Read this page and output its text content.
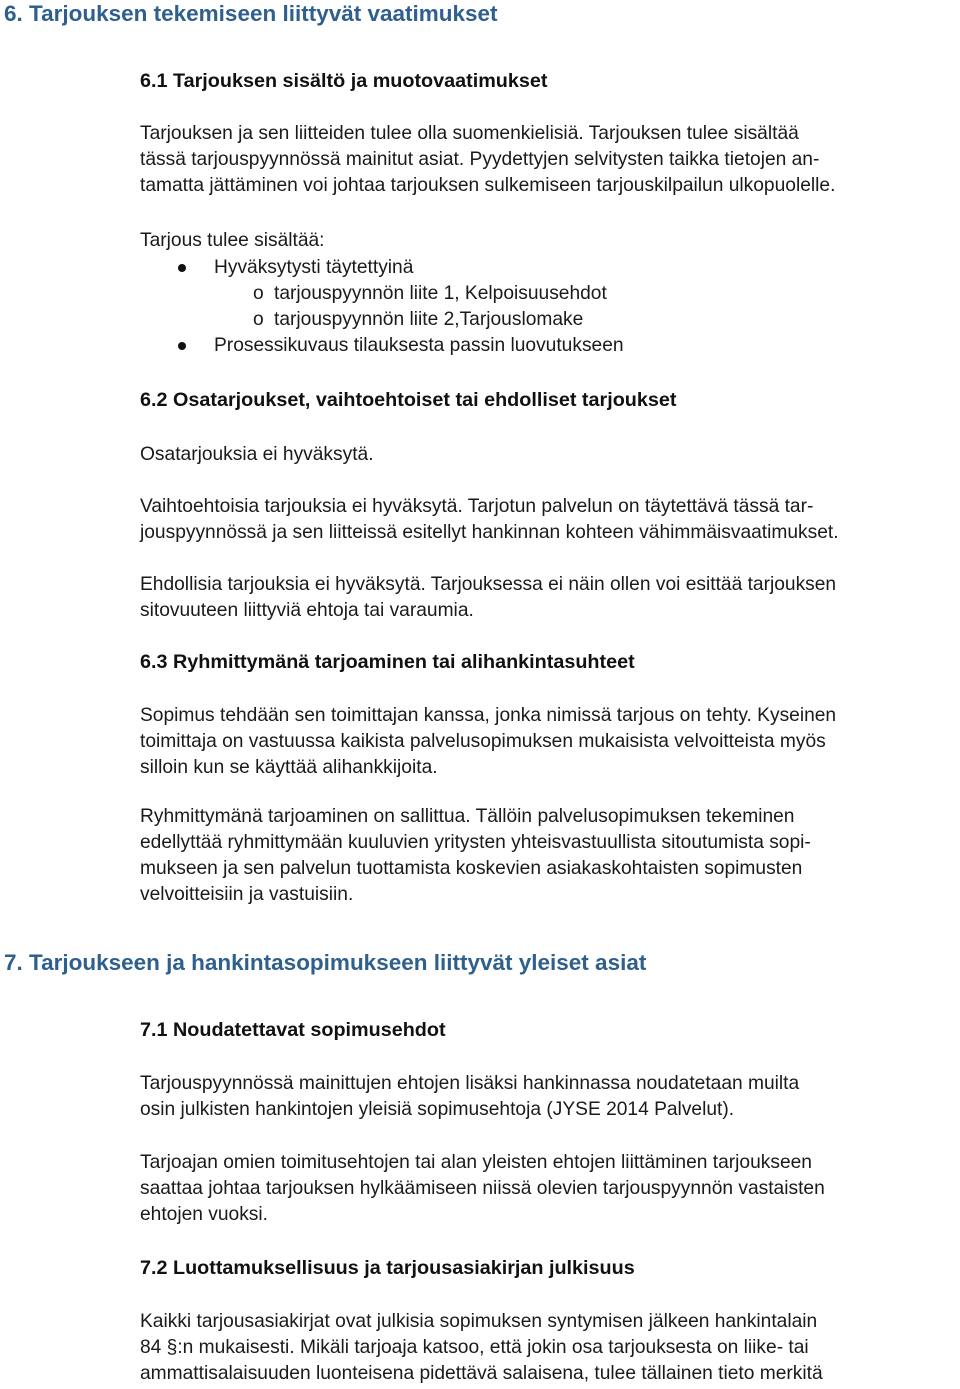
6. Tarjouksen tekemiseen liittyvät vaatimukset
6.1 Tarjouksen sisältö ja muotovaatimukset
Tarjouksen ja sen liitteiden tulee olla suomenkielisiä. Tarjouksen tulee sisältää
tässä tarjouspyynnössä mainitut asiat. Pyydettyjen selvitysten taikka tietojen an-
tamatta jättäminen voi johtaa tarjouksen sulkemiseen tarjouskilpailun ulkopuolelle.
Tarjous tulee sisältää:
Hyväksytysti täytettyinä
o tarjouspyynnön liite 1, Kelpoisuusehdot
o tarjouspyynnön liite 2,Tarjouslomake
Prosessikuvaus tilauksesta passin luovutukseen
6.2 Osatarjoukset, vaihtoehtoiset tai ehdolliset tarjoukset
Osatarjouksia ei hyväksytä.
Vaihtoehtoisia tarjouksia ei hyväksytä. Tarjotun palvelun on täytettävä tässä tar-
jouspyynnössä ja sen liitteissä esitellyt hankinnan kohteen vähimmäisvaatimukset.
Ehdollisia tarjouksia ei hyväksytä. Tarjouksessa ei näin ollen voi esittää tarjouksen
sitovuuteen liittyviä ehtoja tai varaumia.
6.3 Ryhmittymänä tarjoaminen tai alihankintasuhteet
Sopimus tehdään sen toimittajan kanssa, jonka nimissä tarjous on tehty. Kyseinen
toimittaja on vastuussa kaikista palvelusopimuksen mukaisista velvoitteista myös
silloin kun se käyttää alihankkijoita.
Ryhmittymänä tarjoaminen on sallittua. Tällöin palvelusopimuksen tekeminen
edellyttää ryhmittymään kuuluvien yritysten yhteisvastuullista sitoutumista sopi-
mukseen ja sen palvelun tuottamista koskevien asiakaskohtaisten sopimusten
velvoitteisiin ja vastuisiin.
7. Tarjoukseen ja hankintasopimukseen liittyvät yleiset asiat
7.1 Noudatettavat sopimusehdot
Tarjouspyynnössä mainittujen ehtojen lisäksi hankinnassa noudatetaan muilta
osin julkisten hankintojen yleisiä sopimusehtoja (JYSE 2014 Palvelut).
Tarjoajan omien toimitusehtojen tai alan yleisten ehtojen liittäminen tarjoukseen
saattaa johtaa tarjouksen hylkäämiseen niissä olevien tarjouspyynnön vastaisten
ehtojen vuoksi.
7.2 Luottamuksellisuus ja tarjousasiakirjan julkisuus
Kaikki tarjousasiakirjat ovat julkisia sopimuksen syntymisen jälkeen hankintalain
84 §:n mukaisesti. Mikäli tarjoaja katsoo, että jokin osa tarjouksesta on liike- tai
ammattisalaisuuden luonteisena pidettävä salaisena, tulee tällainen tieto merkitä
